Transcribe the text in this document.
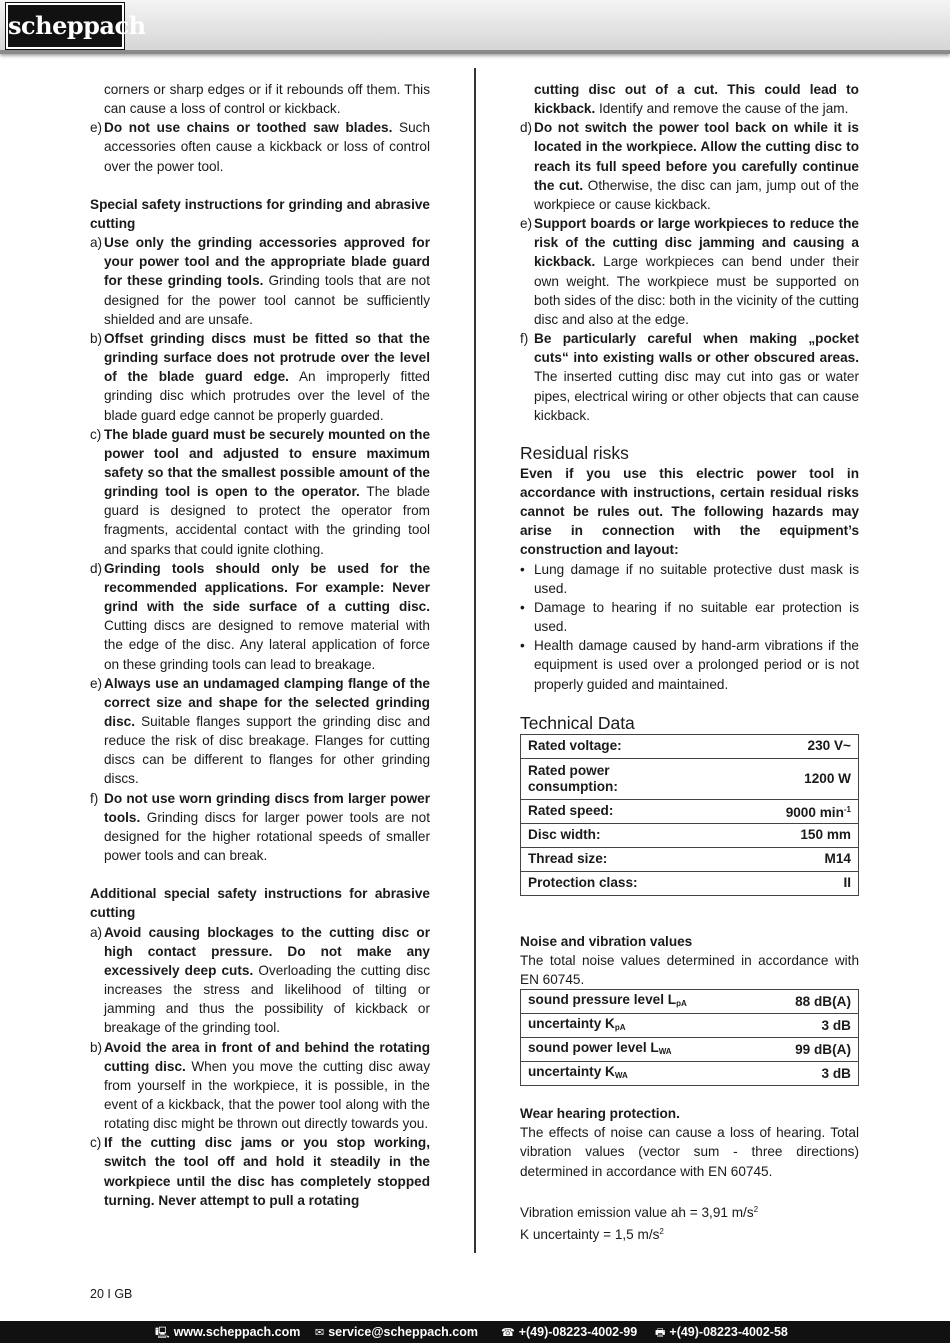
scheppach

corners or sharp edges or if it rebounds off them. This can cause a loss of control or kickback.

e) Do not use chains or toothed saw blades. Such accessories often cause a kickback or loss of control over the power tool.

Special safety instructions for grinding and abrasive cutting

a) Use only the grinding accessories approved for your power tool and the appropriate blade guard for these grinding tools. Grinding tools that are not designed for the power tool cannot be sufficiently shielded and are unsafe.
b) Offset grinding discs must be fitted so that the grinding surface does not protrude over the level of the blade guard edge. An improperly fitted grinding disc which protrudes over the level of the blade guard edge cannot be properly guarded.
c) The blade guard must be securely mounted on the power tool and adjusted to ensure maximum safety so that the smallest possible amount of the grinding tool is open to the operator. The blade guard is designed to protect the operator from fragments, accidental contact with the grinding tool and sparks that could ignite clothing.
d) Grinding tools should only be used for the recommended applications. For example: Never grind with the side surface of a cutting disc. Cutting discs are designed to remove material with the edge of the disc. Any lateral application of force on these grinding tools can lead to breakage.
e) Always use an undamaged clamping flange of the correct size and shape for the selected grinding disc. Suitable flanges support the grinding disc and reduce the risk of disc breakage. Flanges for cutting discs can be different to flanges for other grinding discs.
f) Do not use worn grinding discs from larger power tools. Grinding discs for larger power tools are not designed for the higher rotational speeds of smaller power tools and can break.

Additional special safety instructions for abrasive cutting

a) Avoid causing blockages to the cutting disc or high contact pressure. Do not make any excessively deep cuts. Overloading the cutting disc increases the stress and likelihood of tilting or jamming and thus the possibility of kickback or breakage of the grinding tool.
b) Avoid the area in front of and behind the rotating cutting disc. When you move the cutting disc away from yourself in the workpiece, it is possible, in the event of a kickback, that the power tool along with the rotating disc might be thrown out directly towards you.
c) If the cutting disc jams or you stop working, switch the tool off and hold it steadily in the workpiece until the disc has completely stopped turning. Never attempt to pull a rotating

cutting disc out of a cut. This could lead to kickback. Identify and remove the cause of the jam.

d) Do not switch the power tool back on while it is located in the workpiece. Allow the cutting disc to reach its full speed before you carefully continue the cut. Otherwise, the disc can jam, jump out of the workpiece or cause kickback.
e) Support boards or large workpieces to reduce the risk of the cutting disc jamming and causing a kickback. Large workpieces can bend under their own weight. The workpiece must be supported on both sides of the disc: both in the vicinity of the cutting disc and also at the edge.
f) Be particularly careful when making „pocket cuts“ into existing walls or other obscured areas. The inserted cutting disc may cut into gas or water pipes, electrical wiring or other objects that can cause kickback.
Residual risks

Even if you use this electric power tool in accordance with instructions, certain residual risks cannot be rules out. The following hazards may arise in connection with the equipment’s construction and layout:

• Lung damage if no suitable protective dust mask is used.
• Damage to hearing if no suitable ear protection is used.
• Health damage caused by hand-arm vibrations if the equipment is used over a prolonged period or is not properly guided and maintained.
Technical Data
Rated voltage:	230 V~
Rated power consumption:	1200 W
Rated speed:	9000 $\min^{-1}$
Disc width:	150 mm
Thread size:	M14
Protection class:	II

Noise and vibration values

The total noise values determined in accordance with EN 60745.

sound pressure level $L_{pA}$	88 dB(A)
uncertainty $K_{pA}$	3 dB
sound power level $L_{WA}$	99 dB(A)
uncertainty $K_{WA}$	3 dB

Wear hearing protection.

The effects of noise can cause a loss of hearing. Total vibration values (vector sum - three directions) determined in accordance with EN 60745.

Vibration emission value ah = 3,91 $m/s^2$

K uncertainty = 1,5 $m/s^2$

20 I GB
🖳 www.scheppach.com ✉ service@scheppach.com ☎ +(49)-08223-4002-99 🖶 +(49)-08223-4002-58
